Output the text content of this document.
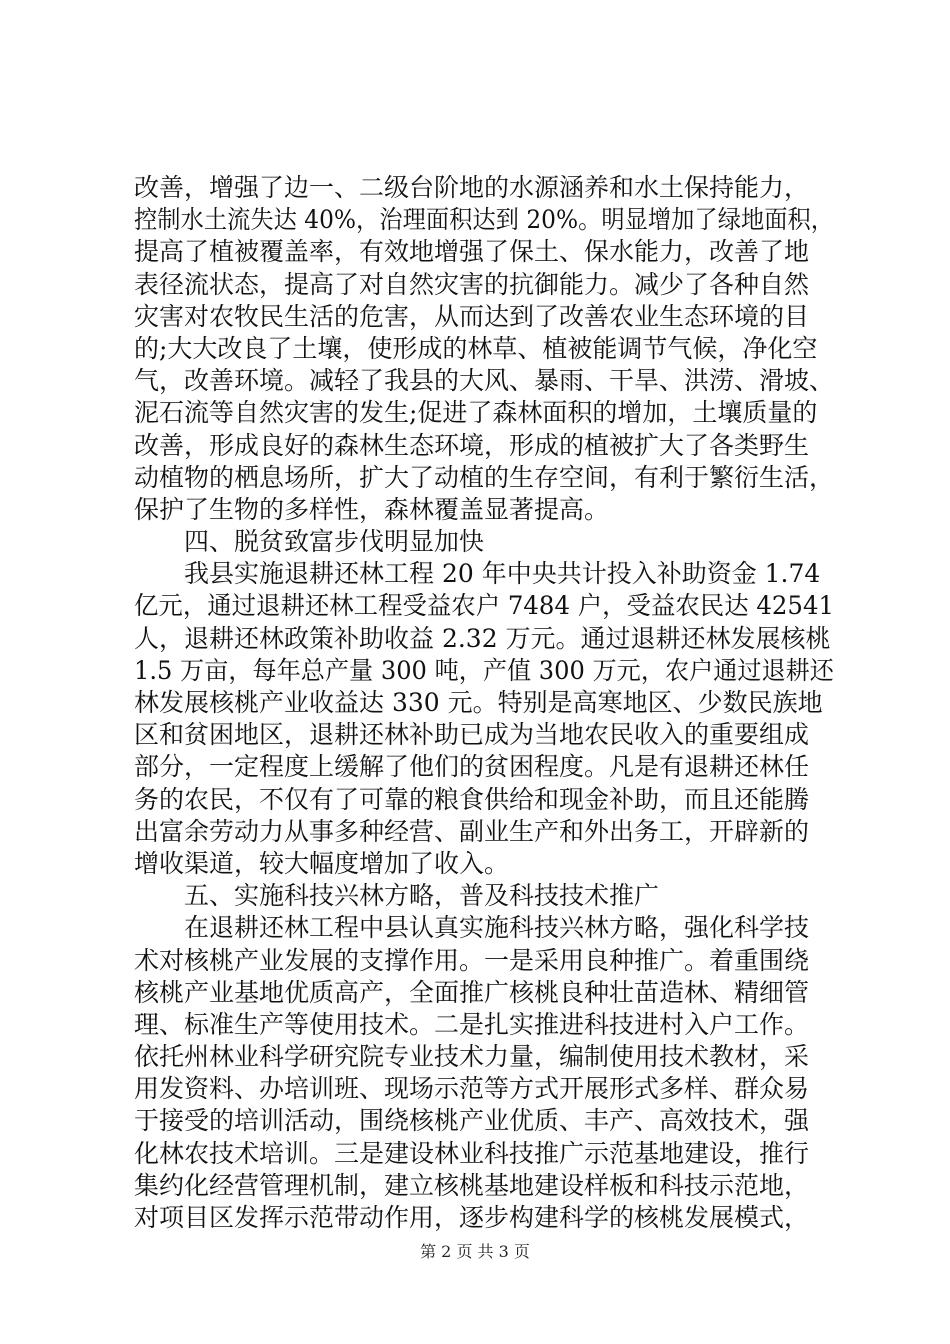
改善，增强了边一、二级台阶地的水源涵养和水土保持能力，
控制水土流失达 40%，治理面积达到 20%。明显增加了绿地面积，
提高了植被覆盖率，有效地增强了保土、保水能力，改善了地
表径流状态，提高了对自然灾害的抗御能力。减少了各种自然
灾害对农牧民生活的危害，从而达到了改善农业生态环境的目
的;大大改良了土壤，使形成的林草、植被能调节气候，净化空
气，改善环境。减轻了我县的大风、暴雨、干旱、洪涝、滑坡、
泥石流等自然灾害的发生;促进了森林面积的增加，土壤质量的
改善，形成良好的森林生态环境，形成的植被扩大了各类野生
动植物的栖息场所，扩大了动植的生存空间，有利于繁衍生活，
保护了生物的多样性，森林覆盖显著提高。
　　四、脱贫致富步伐明显加快
　　我县实施退耕还林工程 20 年中央共计投入补助资金 1.74
亿元，通过退耕还林工程受益农户 7484 户，受益农民达 42541
人，退耕还林政策补助收益 2.32 万元。通过退耕还林发展核桃
1.5 万亩，每年总产量 300 吨，产值 300 万元，农户通过退耕还
林发展核桃产业收益达 330 元。特别是高寒地区、少数民族地
区和贫困地区，退耕还林补助已成为当地农民收入的重要组成
部分，一定程度上缓解了他们的贫困程度。凡是有退耕还林任
务的农民，不仅有了可靠的粮食供给和现金补助，而且还能腾
出富余劳动力从事多种经营、副业生产和外出务工，开辟新的
增收渠道，较大幅度增加了收入。
　　五、实施科技兴林方略，普及科技技术推广
　　在退耕还林工程中县认真实施科技兴林方略，强化科学技
术对核桃产业发展的支撑作用。一是采用良种推广。着重围绕
核桃产业基地优质高产，全面推广核桃良种壮苗造林、精细管
理、标准生产等使用技术。二是扎实推进科技进村入户工作。
依托州林业科学研究院专业技术力量，编制使用技术教材，采
用发资料、办培训班、现场示范等方式开展形式多样、群众易
于接受的培训活动，围绕核桃产业优质、丰产、高效技术，强
化林农技术培训。三是建设林业科技推广示范基地建设，推行
集约化经营管理机制，建立核桃基地建设样板和科技示范地，
对项目区发挥示范带动作用，逐步构建科学的核桃发展模式，
第 2 页 共 3 页
